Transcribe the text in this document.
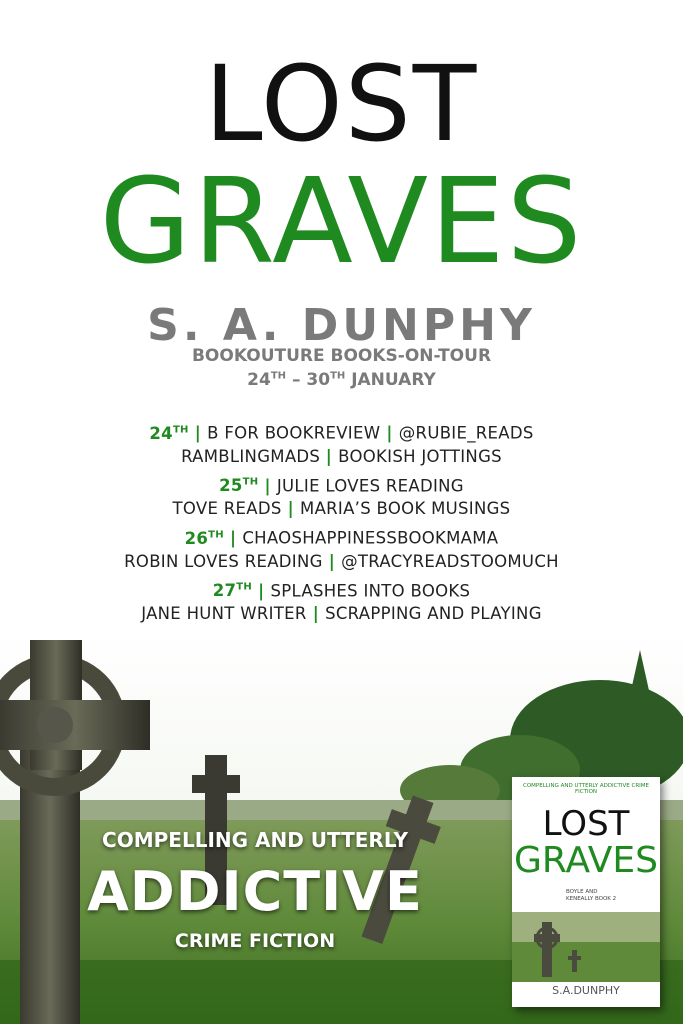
LOST
GRAVES
S. A. DUNPHY
BOOKOUTURE BOOKS-ON-TOUR
24TH – 30TH JANUARY
24TH | B FOR BOOKREVIEW | @RUBIE_READS
RAMBLINGMADS | BOOKISH JOTTINGS
25TH | JULIE LOVES READING
TOVE READS | MARIA’S BOOK MUSINGS
26TH | CHAOSHAPPINESSBOOKMAMA
ROBIN LOVES READING | @TRACYREADSTOOMUCH
27TH | SPLASHES INTO BOOKS
JANE HUNT WRITER | SCRAPPING AND PLAYING
COMPELLING AND UTTERLY
ADDICTIVE
CRIME FICTION
COMPELLING AND UTTERLY ADDICTIVE CRIME FICTION
LOST
GRAVES
BOYLE AND KENEALLY BOOK 2
S.A.DUNPHY
